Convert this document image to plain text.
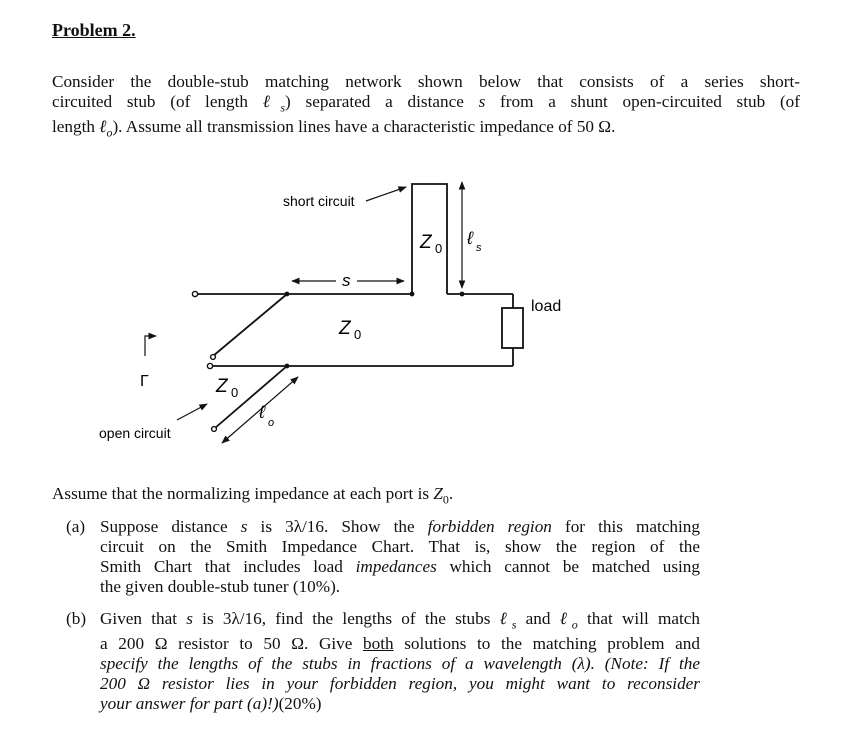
Problem 2.
Consider the double-stub matching network shown below that consists of a series short-
circuited stub (of length ℓ$_s$) separated a distance s from a shunt open-circuited stub (of
length ℓ$_o$). Assume all transmission lines have a characteristic impedance of 50 Ω.
short circuit
open circuit
load
Γ
Z 0
Z 0
Z 0
s
ℓ s
ℓ
o
Assume that the normalizing impedance at each port is $Z_0$.
(a) Suppose distance s is 3λ/16. Show the forbidden region for this matching
circuit on the Smith Impedance Chart. That is, show the region of the
Smith Chart that includes load impedances which cannot be matched using
the given double-stub tuner (10%).
(b) Given that s is 3λ/16, find the lengths of the stubs ℓ$_s$ and ℓ$_o$ that will match
a 200 Ω resistor to 50 Ω. Give both solutions to the matching problem and
specify the lengths of the stubs in fractions of a wavelength (λ). (Note: If the
200 Ω resistor lies in your forbidden region, you might want to reconsider
your answer for part (a)!)(20%)
